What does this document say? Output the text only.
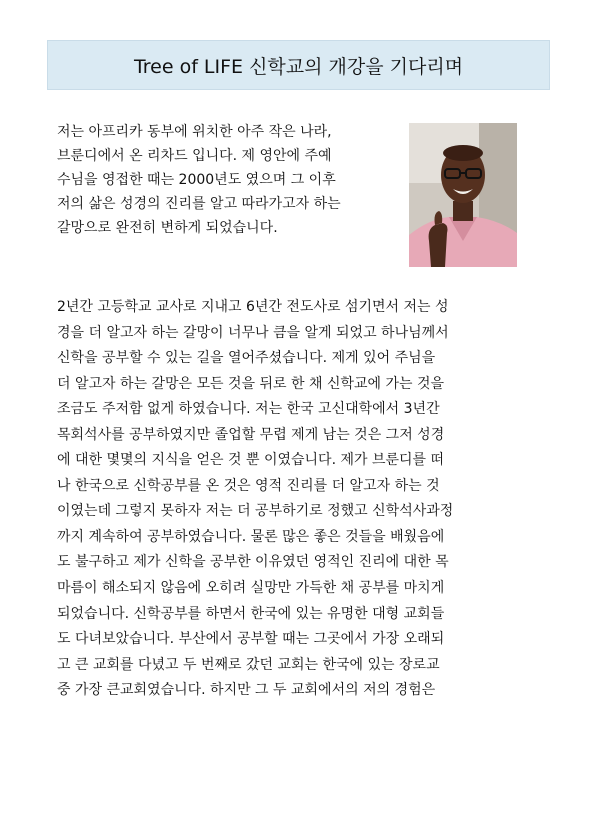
Tree of LIFE 신학교의 개강을 기다리며
저는 아프리카 동부에 위치한 아주 작은 나라,
브룬디에서 온 리차드 입니다. 제 영안에 주예
수님을 영접한 때는 2000년도 였으며 그 이후
저의 삶은 성경의 진리를 알고 따라가고자 하는
갈망으로 완전히 변하게 되었습니다.
2년간 고등학교 교사로 지내고 6년간 전도사로 섬기면서 저는 성
경을 더 알고자 하는 갈망이 너무나 큼을 알게 되었고 하나님께서
신학을 공부할 수 있는 길을 열어주셨습니다. 제게 있어 주님을
더 알고자 하는 갈망은 모든 것을 뒤로 한 채 신학교에 가는 것을
조금도 주저함 없게 하였습니다. 저는 한국 고신대학에서 3년간
목회석사를 공부하였지만 졸업할 무렵 제게 남는 것은 그저 성경
에 대한 몇몇의 지식을 얻은 것 뿐 이였습니다. 제가 브룬디를 떠
나 한국으로 신학공부를 온 것은 영적 진리를 더 알고자 하는 것
이였는데 그렇지 못하자 저는 더 공부하기로 정했고 신학석사과정
까지 계속하여 공부하였습니다. 물론 많은 좋은 것들을 배웠음에
도 불구하고 제가 신학을 공부한 이유였던 영적인 진리에 대한 목
마름이 해소되지 않음에 오히려 실망만 가득한 채 공부를 마치게
되었습니다. 신학공부를 하면서 한국에 있는 유명한 대형 교회들
도 다녀보았습니다. 부산에서 공부할 때는 그곳에서 가장 오래되
고 큰 교회를 다녔고 두 번째로 갔던 교회는 한국에 있는 장로교
중 가장 큰교회였습니다. 하지만 그 두 교회에서의 저의 경험은
